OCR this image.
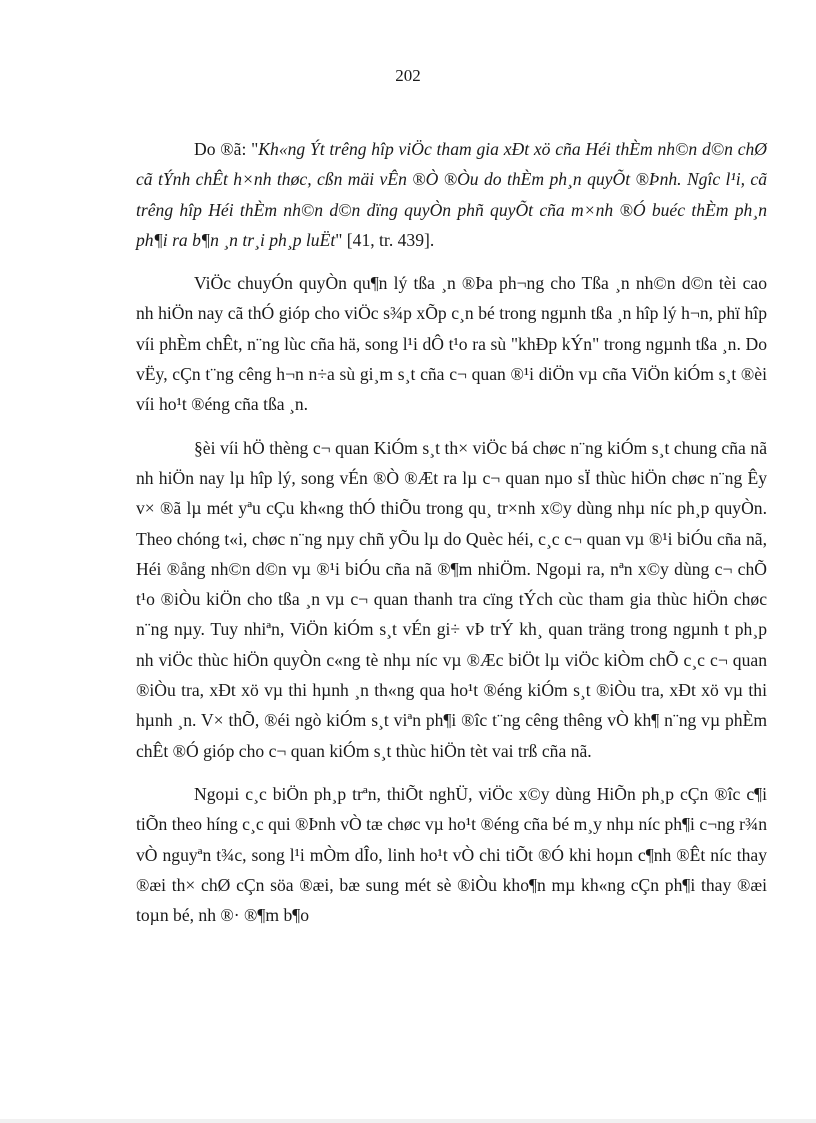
202

Do ®ã: "Kh«ng Ýt trêng hîp viÖc tham gia xÐt xö cña Héi thÈm nh©n d©n chØ cã tÝnh chÊt h×nh thøc, cßn mäi vÊn ®Ò ®Òu do thÈm ph¸n quyÕt ®Þnh. Ngîc l¹i, cã trêng hîp Héi thÈm nh©n d©n dïng quyÒn phñ quyÕt cña m×nh ®Ó buéc thÈm ph¸n ph¶i ra b¶n ¸n tr¸i ph¸p luËt" [41, tr. 439].

ViÖc chuyÓn quyÒn qu¶n lý tßa ¸n ®Þa ph¬ng cho Tßa ¸n nh©n d©n tèi cao nh hiÖn nay cã thÓ gióp cho viÖc s¾p xÕp c¸n bé trong ngµnh tßa ¸n hîp lý h¬n, phï hîp víi phÈm chÊt, n¨ng lùc cña hä, song l¹i dÔ t¹o ra sù "khÐp kÝn" trong ngµnh tßa ¸n. Do vËy, cÇn t¨ng cêng h¬n n÷a sù gi¸m s¸t cña c¬ quan ®¹i diÖn vµ cña ViÖn kiÓm s¸t ®èi víi ho¹t ®éng cña tßa ¸n.

§èi víi hÖ thèng c¬ quan KiÓm s¸t th× viÖc bá chøc n¨ng kiÓm s¸t chung cña nã nh hiÖn nay lµ hîp lý, song vÉn ®Ò ®Æt ra lµ c¬ quan nµo sÏ thùc hiÖn chøc n¨ng Êy v× ®ã lµ mét yªu cÇu kh«ng thÓ thiÕu trong qu¸ tr×nh x©y dùng nhµ níc ph¸p quyÒn. Theo chóng t«i, chøc n¨ng nµy chñ yÕu lµ do Quèc héi, c¸c c¬ quan vµ ®¹i biÓu cña nã, Héi ®ång nh©n d©n vµ ®¹i biÓu cña nã ®¶m nhiÖm. Ngoµi ra, nªn x©y dùng c¬ chÕ t¹o ®iÒu kiÖn cho tßa ¸n vµ c¬ quan thanh tra cïng tÝch cùc tham gia thùc hiÖn chøc n¨ng nµy. Tuy nhiªn, ViÖn kiÓm s¸t vÉn gi÷ vÞ trÝ kh¸ quan träng trong ngµnh t ph¸p nh viÖc thùc hiÖn quyÒn c«ng tè nhµ níc vµ ®Æc biÖt lµ viÖc kiÒm chÕ c¸c c¬ quan ®iÒu tra, xÐt xö vµ thi hµnh ¸n th«ng qua ho¹t ®éng kiÓm s¸t ®iÒu tra, xÐt xö vµ thi hµnh ¸n. V× thÕ, ®éi ngò kiÓm s¸t viªn ph¶i ®îc t¨ng cêng thêng vÒ kh¶ n¨ng vµ phÈm chÊt ®Ó gióp cho c¬ quan kiÓm s¸t thùc hiÖn tèt vai trß cña nã.

Ngoµi c¸c biÖn ph¸p trªn, thiÕt nghÜ, viÖc x©y dùng HiÕn ph¸p cÇn ®îc c¶i tiÕn theo híng c¸c qui ®Þnh vÒ tæ chøc vµ ho¹t ®éng cña bé m¸y nhµ níc ph¶i c¬ng r¾n vÒ nguyªn t¾c, song l¹i mÒm dÎo, linh ho¹t vÒ chi tiÕt ®Ó khi hoµn c¶nh ®Êt níc thay ®æi th× chØ cÇn söa ®æi, bæ sung mét sè ®iÒu kho¶n mµ kh«ng cÇn ph¶i thay ®æi toµn bé, nh ®· ®¶m b¶o
